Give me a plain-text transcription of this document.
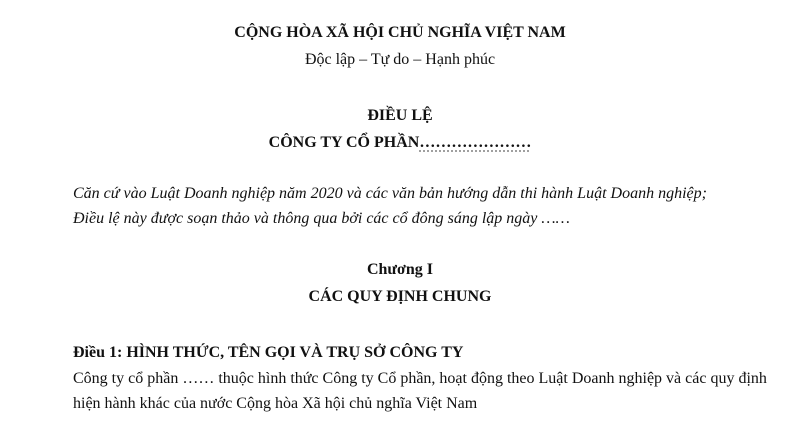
CỘNG HÒA XÃ HỘI CHỦ NGHĨA VIỆT NAM
Độc lập – Tự do – Hạnh phúc
ĐIỀU LỆ
CÔNG TY CỔ PHẦN…………………
Căn cứ vào Luật Doanh nghiệp năm 2020 và các văn bản hướng dẫn thi hành Luật Doanh nghiệp;
Điều lệ này được soạn thảo và thông qua bởi các cổ đông sáng lập ngày ……
Chương I
CÁC QUY ĐỊNH CHUNG
Điều 1: HÌNH THỨC, TÊN GỌI VÀ TRỤ SỞ CÔNG TY
Công ty cổ phần …… thuộc hình thức Công ty Cổ phần, hoạt động theo Luật Doanh nghiệp và các quy định
hiện hành khác của nước Cộng hòa Xã hội chủ nghĩa Việt Nam
